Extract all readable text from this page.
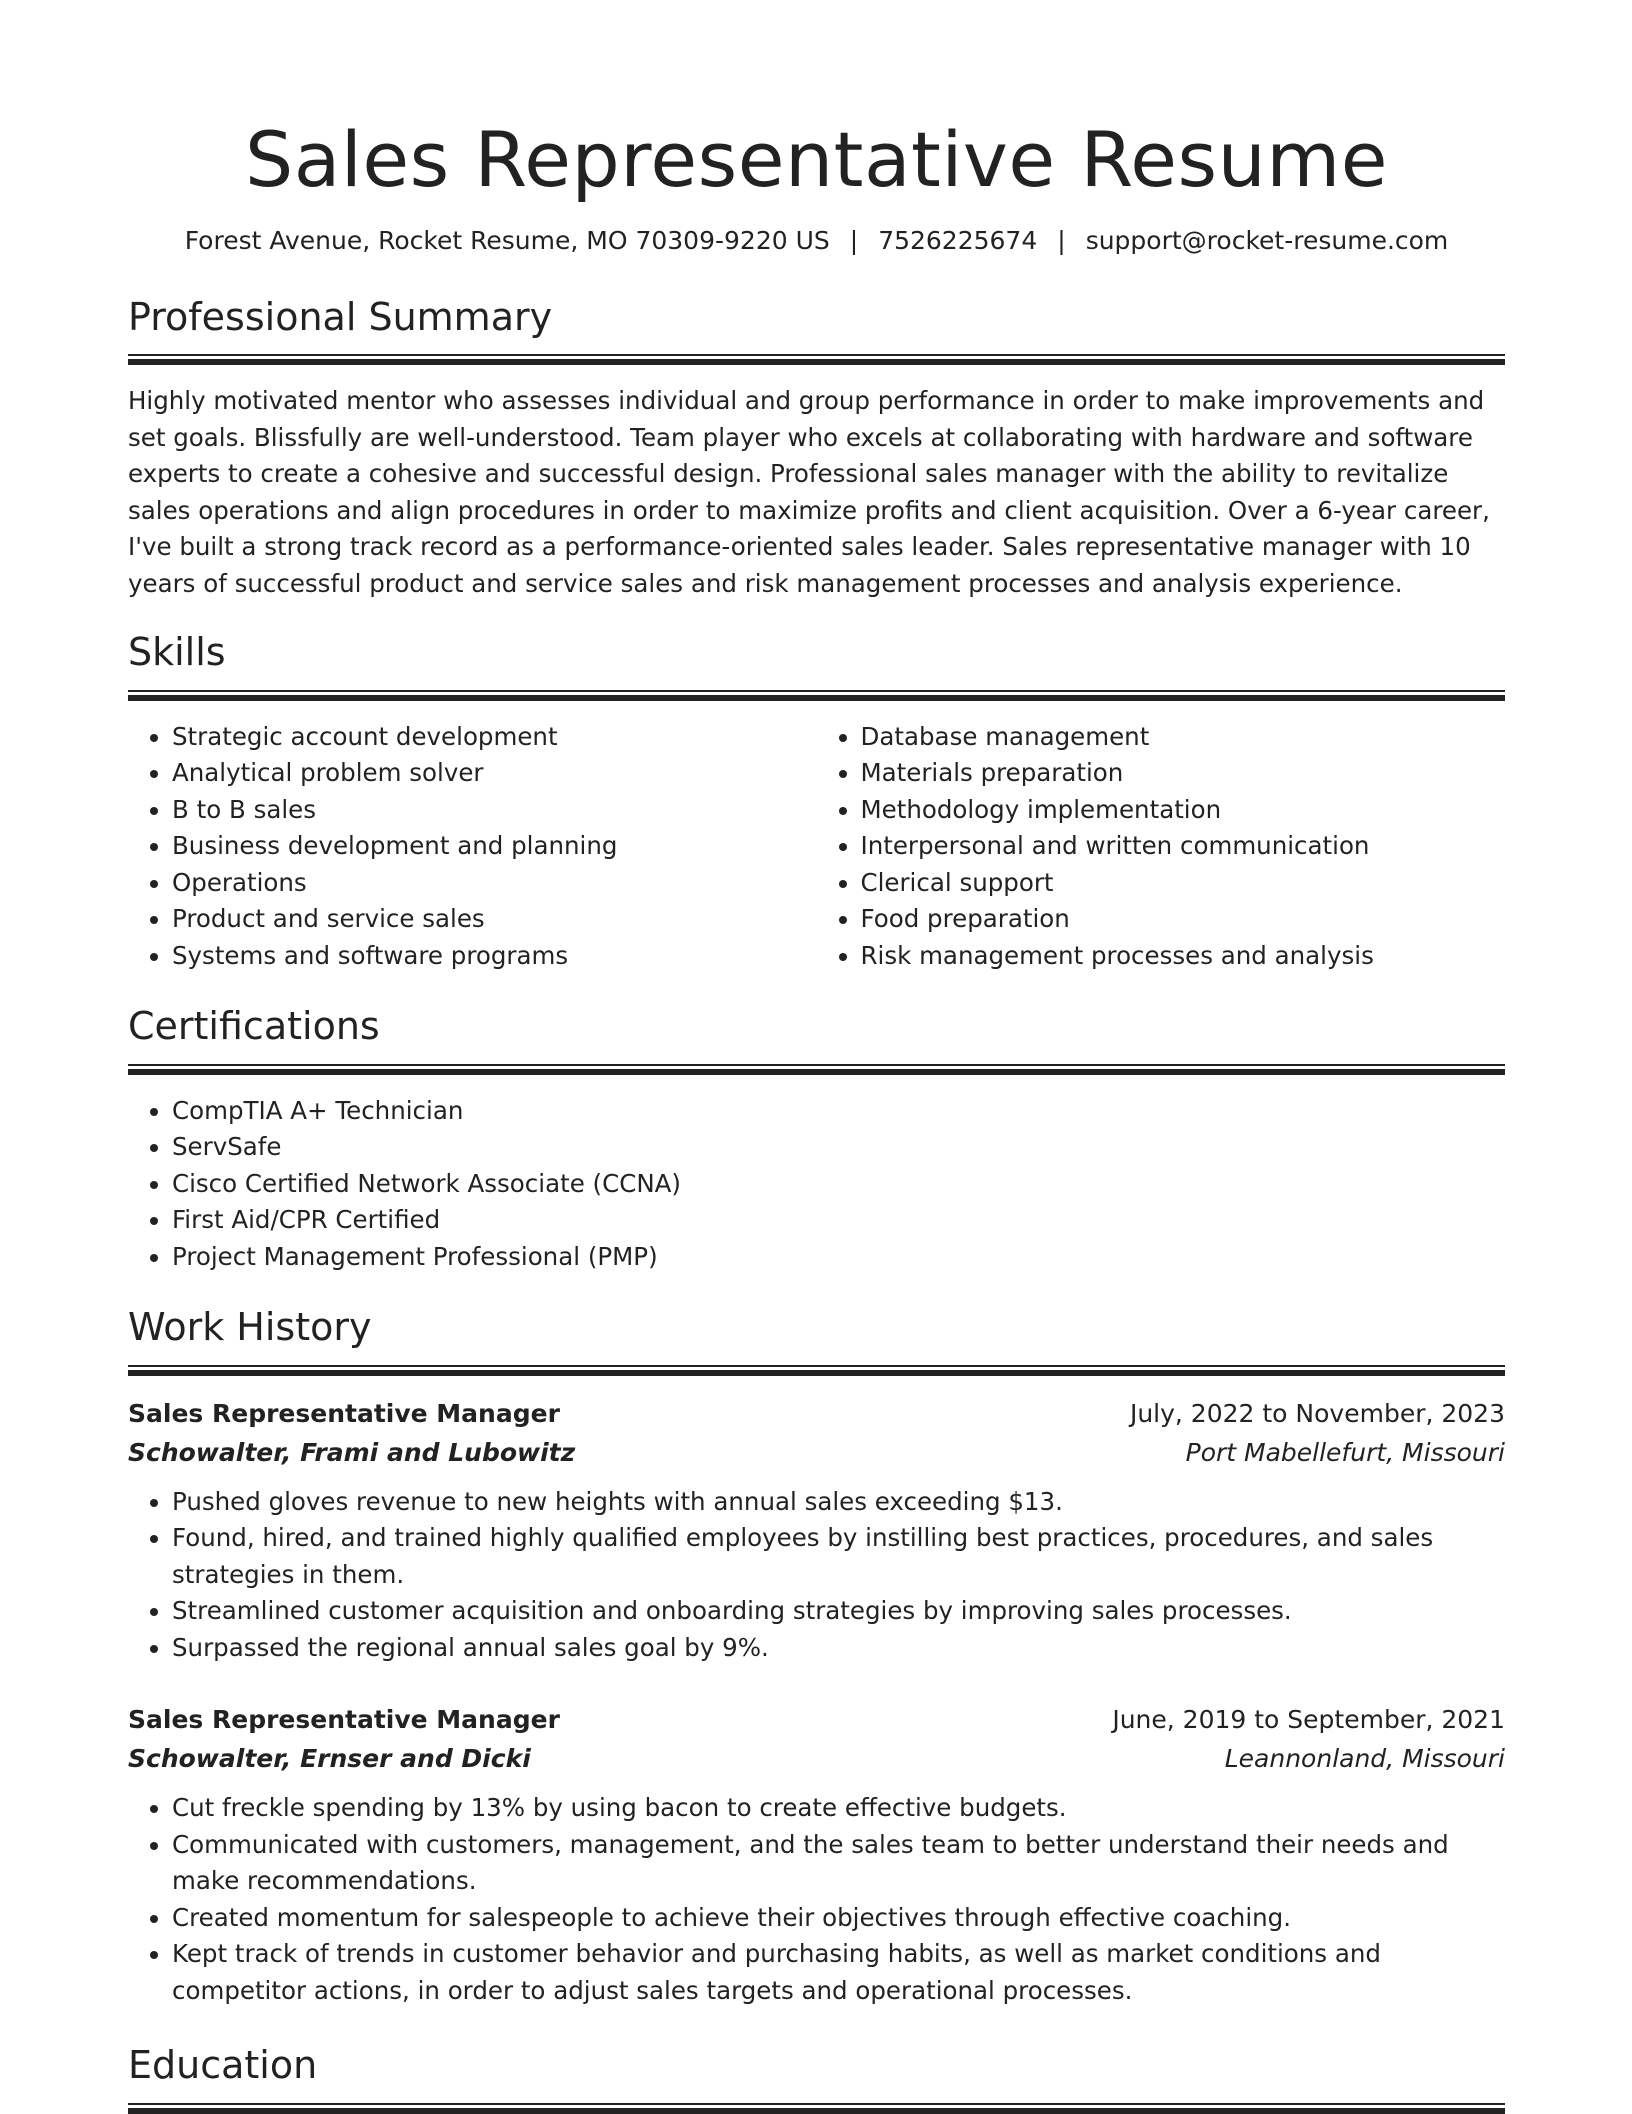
Sales Representative Resume
Forest Avenue, Rocket Resume, MO 70309-9220 US | 7526225674 | support@rocket-resume.com
Professional Summary

Highly motivated mentor who assesses individual and group performance in order to make improvements and set goals. Blissfully are well-understood. Team player who excels at collaborating with hardware and software experts to create a cohesive and successful design. Professional sales manager with the ability to revitalize sales operations and align procedures in order to maximize profits and client acquisition. Over a 6-year career, I've built a strong track record as a performance-oriented sales leader. Sales representative manager with 10 years of successful product and service sales and risk management processes and analysis experience.

Skills
• Strategic account development
• Analytical problem solver
• B to B sales
• Business development and planning
• Operations
• Product and service sales
• Systems and software programs
• Database management
• Materials preparation
• Methodology implementation
• Interpersonal and written communication
• Clerical support
• Food preparation
• Risk management processes and analysis
Certifications
• CompTIA A+ Technician
• ServSafe
• Cisco Certified Network Associate (CCNA)
• First Aid/CPR Certified
• Project Management Professional (PMP)
Work History
Sales Representative Manager	July, 2022 to November, 2023
Schowalter, Frami and Lubowitz	Port Mabellefurt, Missouri
• Pushed gloves revenue to new heights with annual sales exceeding $13.
• Found, hired, and trained highly qualified employees by instilling best practices, procedures, and sales strategies in them.
• Streamlined customer acquisition and onboarding strategies by improving sales processes.
• Surpassed the regional annual sales goal by 9%.
Sales Representative Manager	June, 2019 to September, 2021
Schowalter, Ernser and Dicki	Leannonland, Missouri
• Cut freckle spending by 13% by using bacon to create effective budgets.
• Communicated with customers, management, and the sales team to better understand their needs and make recommendations.
• Created momentum for salespeople to achieve their objectives through effective coaching.
• Kept track of trends in customer behavior and purchasing habits, as well as market conditions and competitor actions, in order to adjust sales targets and operational processes.
Education
